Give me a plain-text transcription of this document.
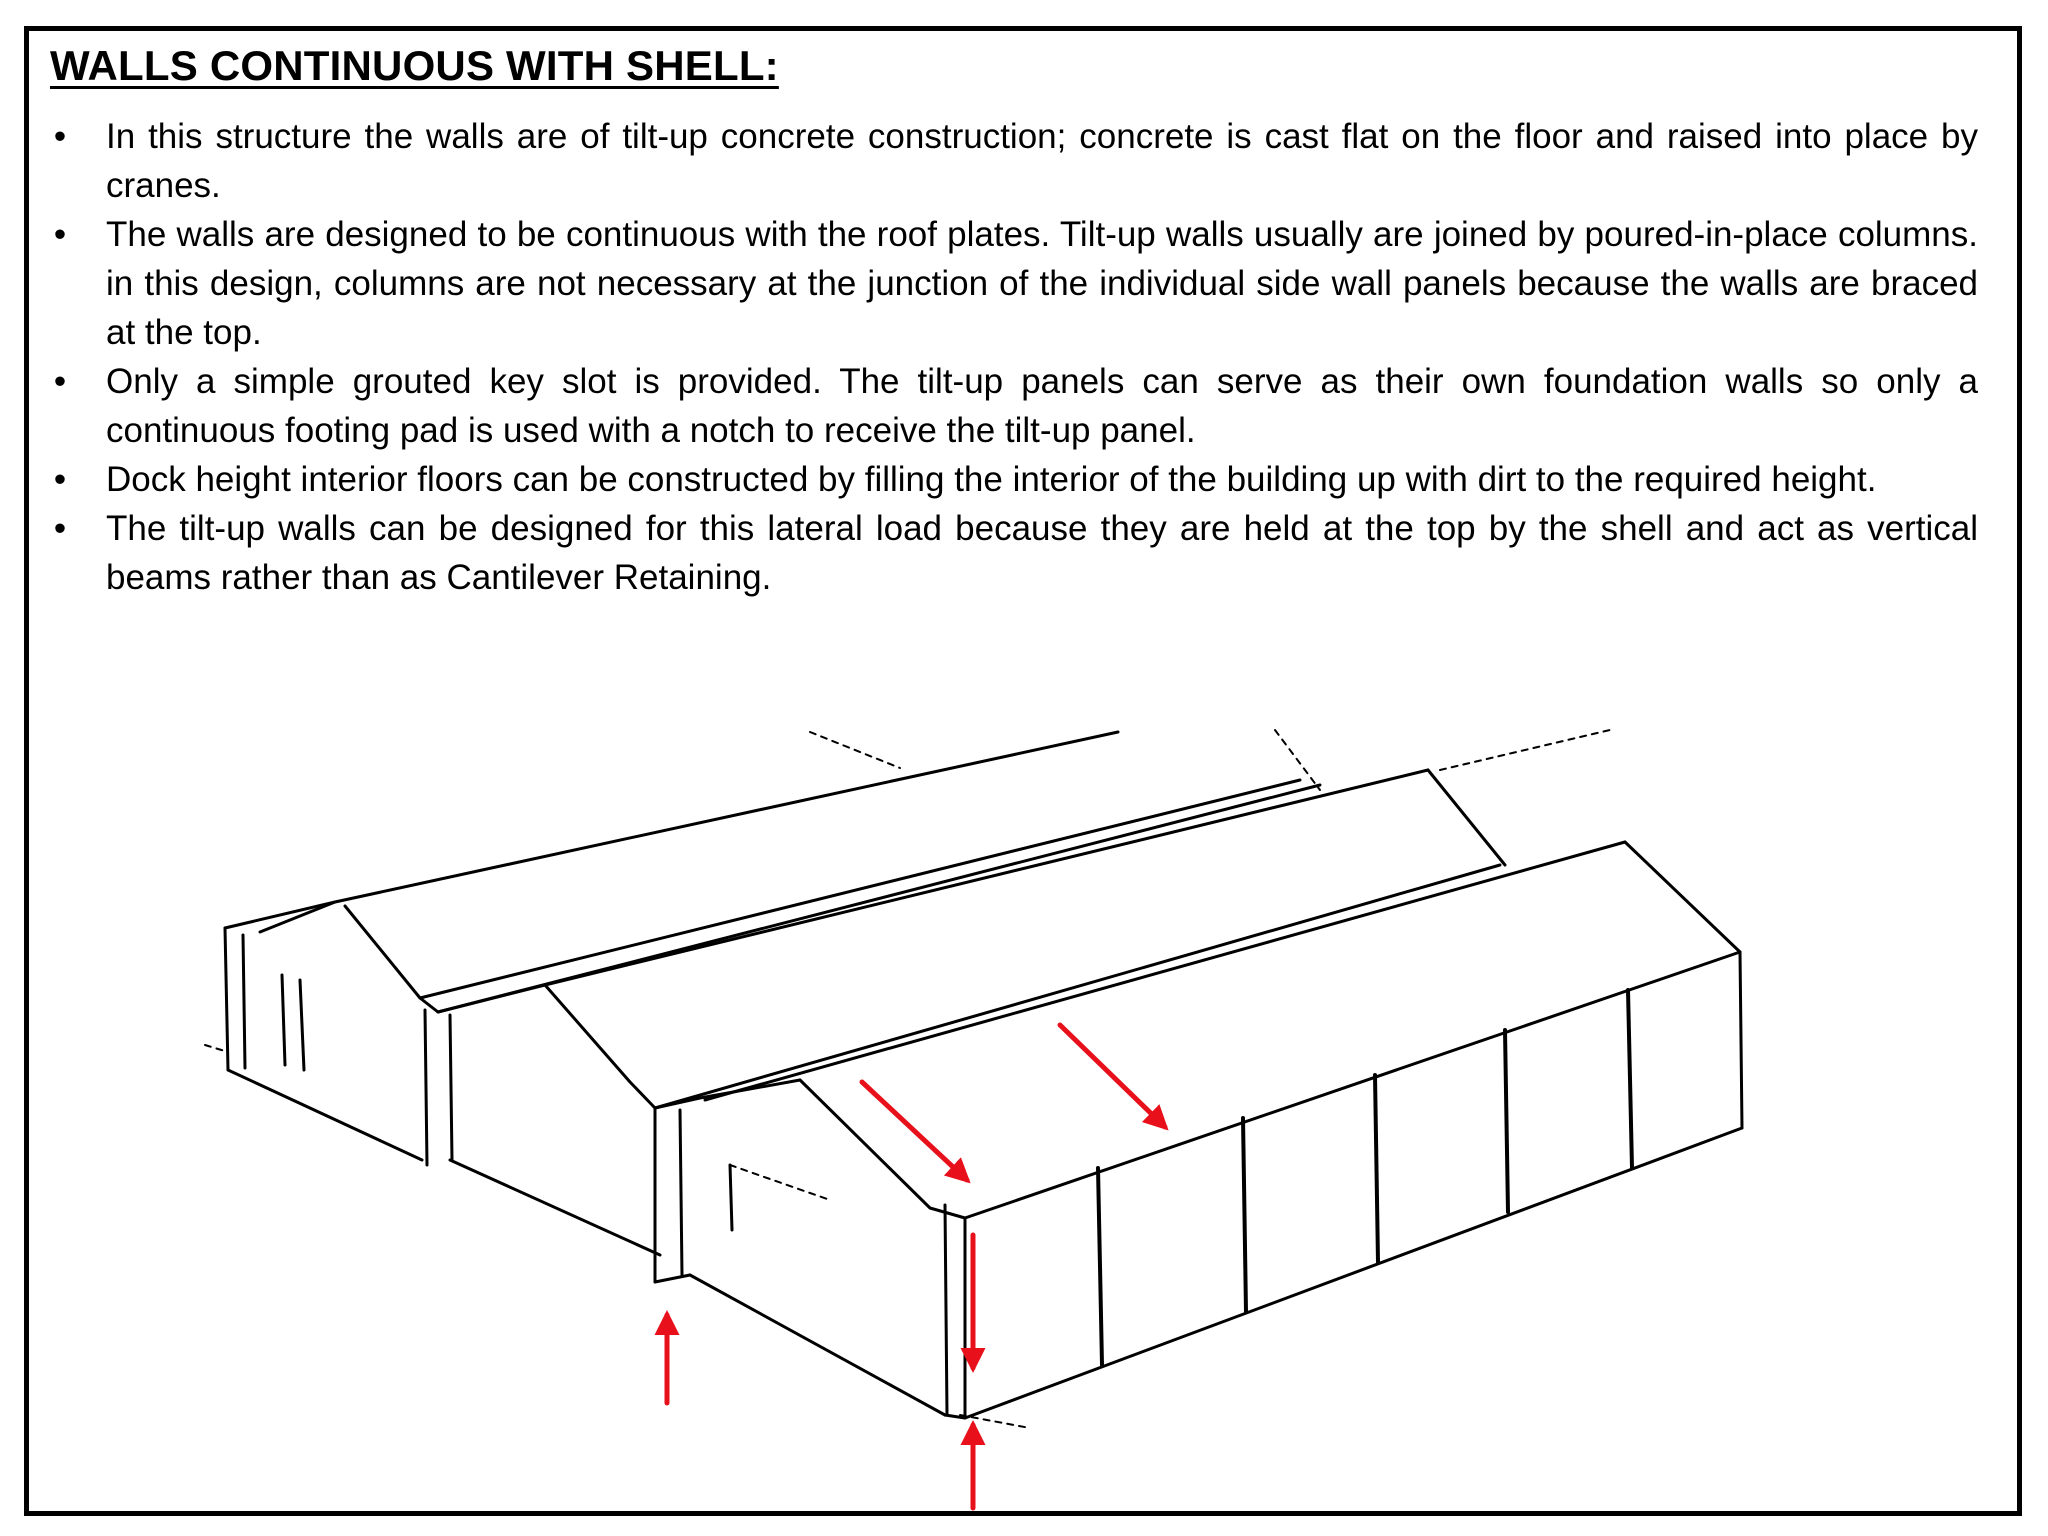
WALLS CONTINUOUS WITH SHELL:
• In this structure the walls are of tilt-up concrete construction; concrete is cast flat on the floor and raised into place by cranes.
• The walls are designed to be continuous with the roof plates. Tilt-up walls usually are joined by poured-in-place columns. in this design, columns are not necessary at the junction of the individual side wall panels because the walls are braced at the top.
• Only a simple grouted key slot is provided. The tilt-up panels can serve as their own foundation walls so only a continuous footing pad is used with a notch to receive the tilt-up panel.
• Dock height interior floors can be constructed by filling the interior of the building up with dirt to the required height.
• The tilt-up walls can be designed for this lateral load because they are held at the top by the shell and act as vertical beams rather than as Cantilever Retaining.
